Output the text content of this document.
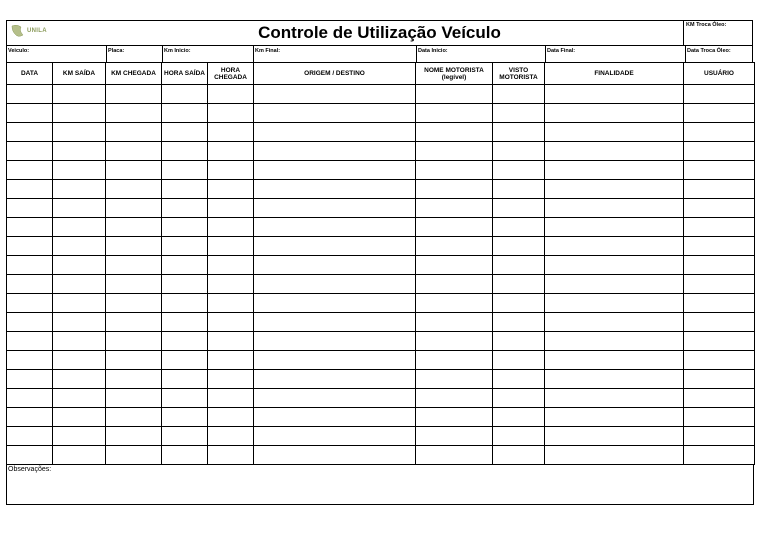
UNILA	Controle de Utilização Veículo	KM Troca Óleo:
Veiculo:	Placa:	Km Inicio:	Km Final:	Data Inicio:	Data Final:	Data Troca Óleo:
DATA	KM SAÍDA	KM CHEGADA	HORA SAÍDA	HORA CHEGADA	ORIGEM / DESTINO	NOME MOTORISTA (legível)	VISTO MOTORISTA	FINALIDADE	USUÁRIO

Observações:
